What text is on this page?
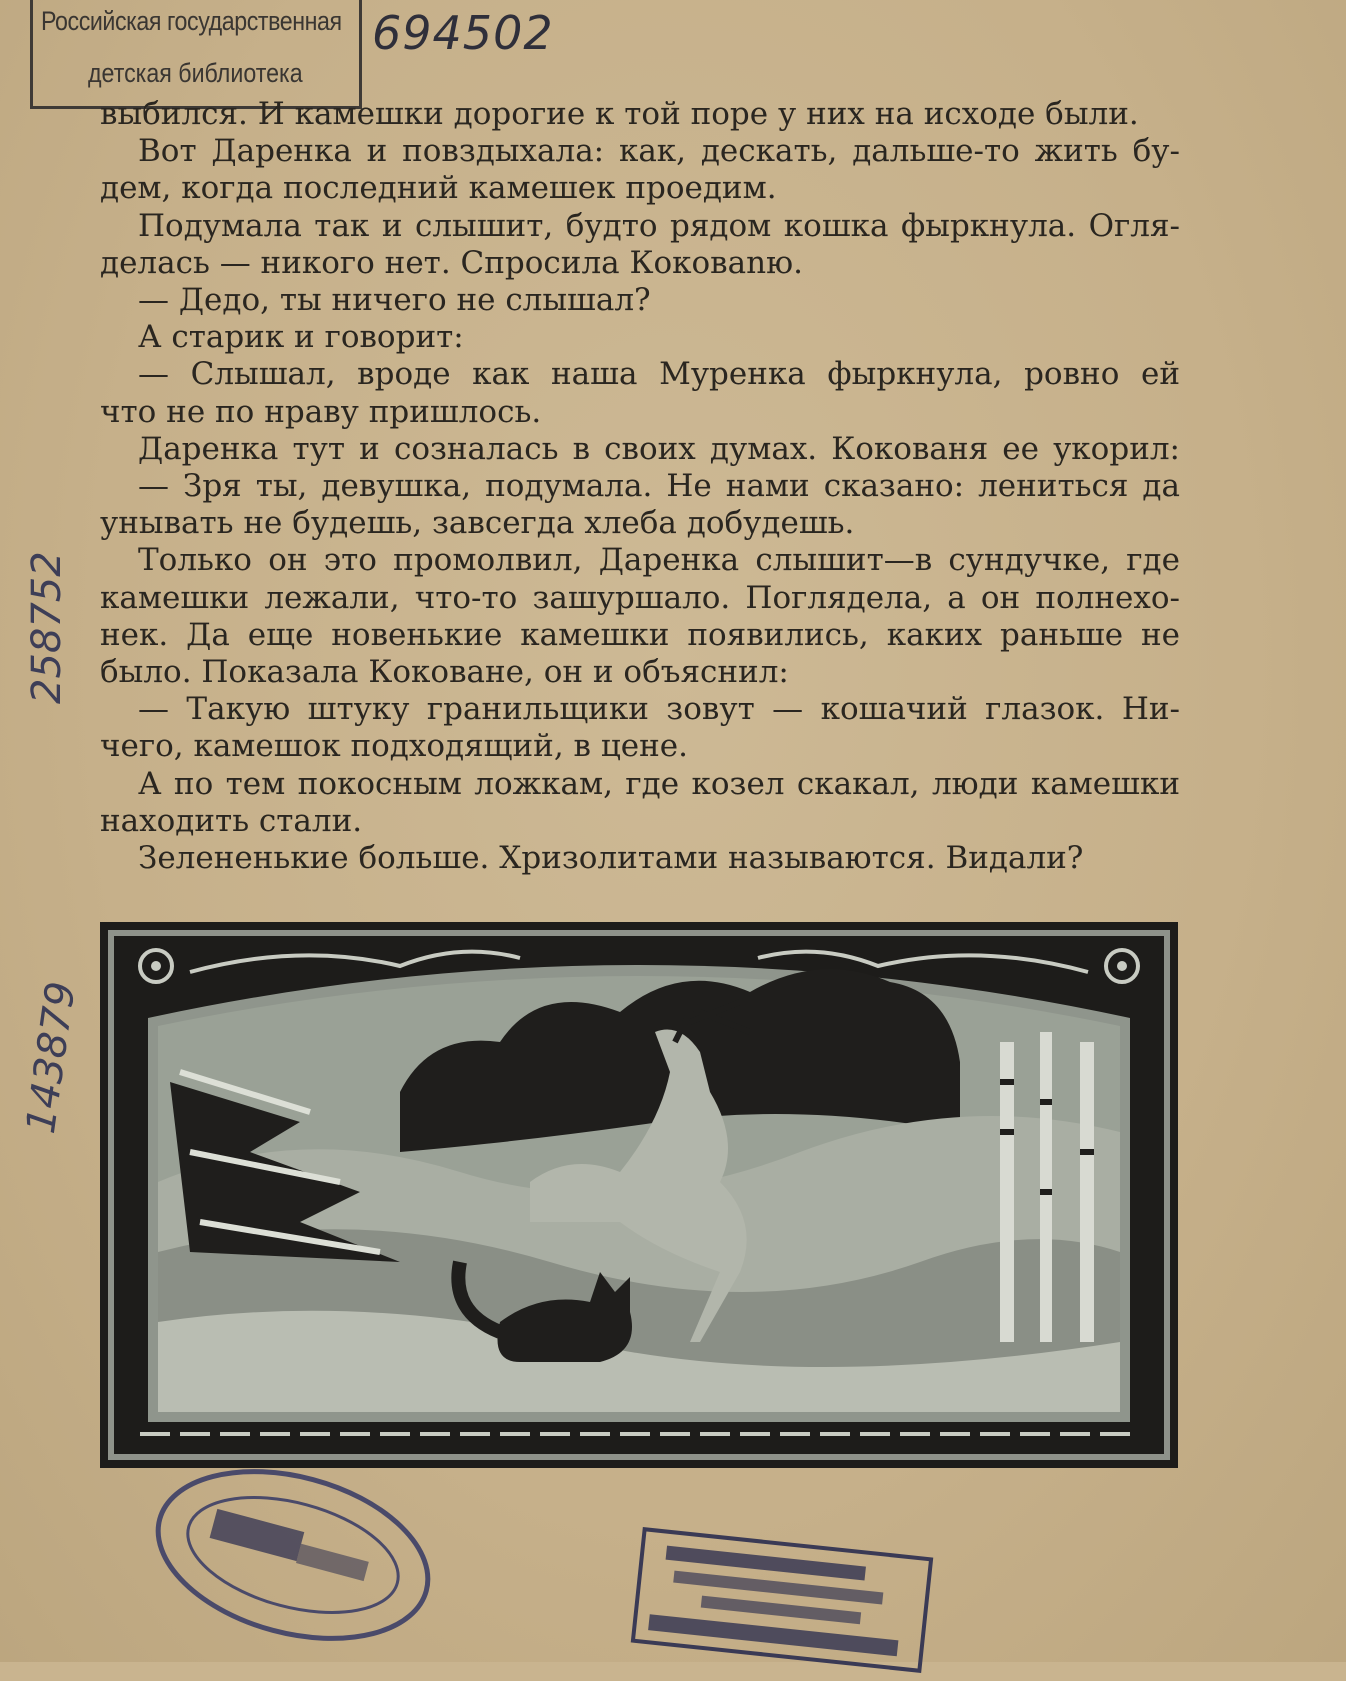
Российская государственная
детская библиотека
694502

выбился. И камешки дорогие к той поре у них на исходе были.

Вот Даренка и повздыхала: как, дескать, дальше-то жить бу-

дем, когда последний камешек проедим.

Подумала так и слышит, будто рядом кошка фыркнула. Огля-

делась — никого нет. Спросила Коковаnю.

— Дедо, ты ничего не слышал?

А старик и говорит:

— Слышал, вроде как наша Муренка фыркнула, ровно ей

что не по нраву пришлось.

Даренка тут и созналась в своих думах. Кокованя ее укорил:

— Зря ты, девушка, подумала. Не нами сказано: лениться да

унывать не будешь, завсегда хлеба добудешь.

Только он это промолвил, Даренка слышит—в сундучке, где

камешки лежали, что-то зашуршало. Поглядела, а он полнехо-

нек. Да еще новенькие камешки появились, каких раньше не

было. Показала Коковане, он и объяснил:

— Такую штуку гранильщики зовут — кошачий глазок. Ни-

чего, камешок подходящий, в цене.

А по тем покосным ложкам, где козел скакал, люди камешки

находить стали.

Зелененькие больше. Хризолитами называются. Видали?

258752
143879
